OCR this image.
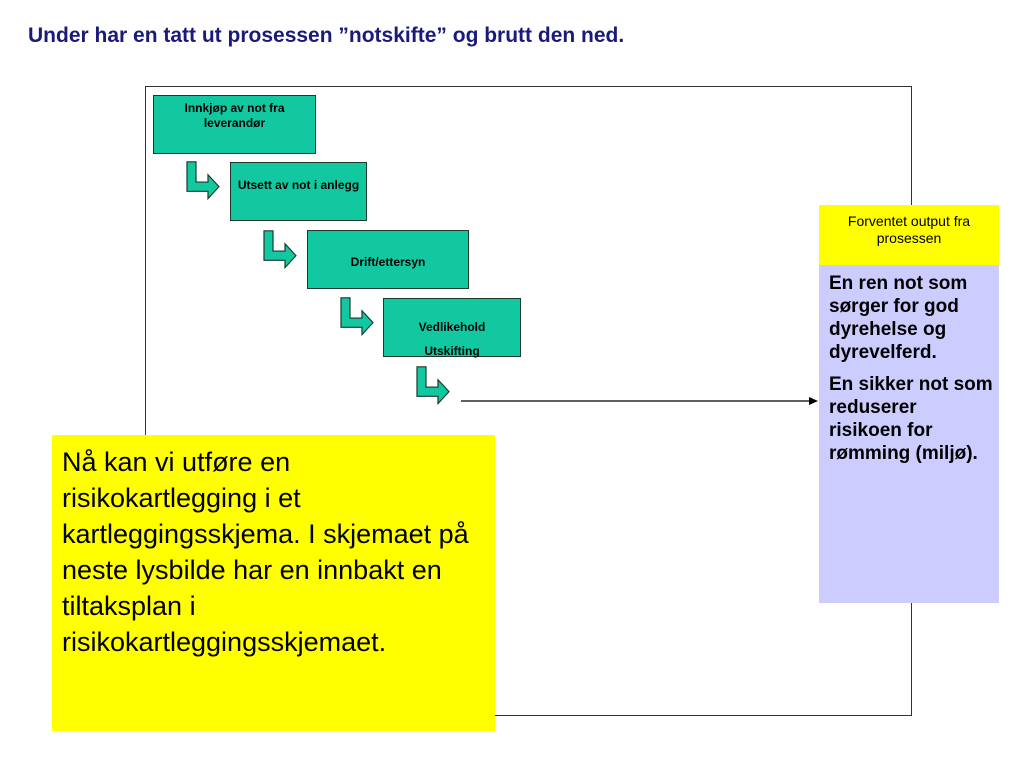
Under har en tatt ut prosessen ”notskifte” og brutt den ned.
Innkjøp av not fra leverandør
Utsett av not i anlegg
Drift/ettersyn
Vedlikehold
Utskifting
Forventet output fra prosessen

En ren not som sørger for god dyrehelse og dyrevelferd.

En sikker not som reduserer risikoen for rømming (miljø).

Nå kan vi utføre en risikokartlegging i et kartleggingsskjema. I skjemaet på neste lysbilde har en innbakt en tiltaksplan i risikokartleggingsskjemaet.
